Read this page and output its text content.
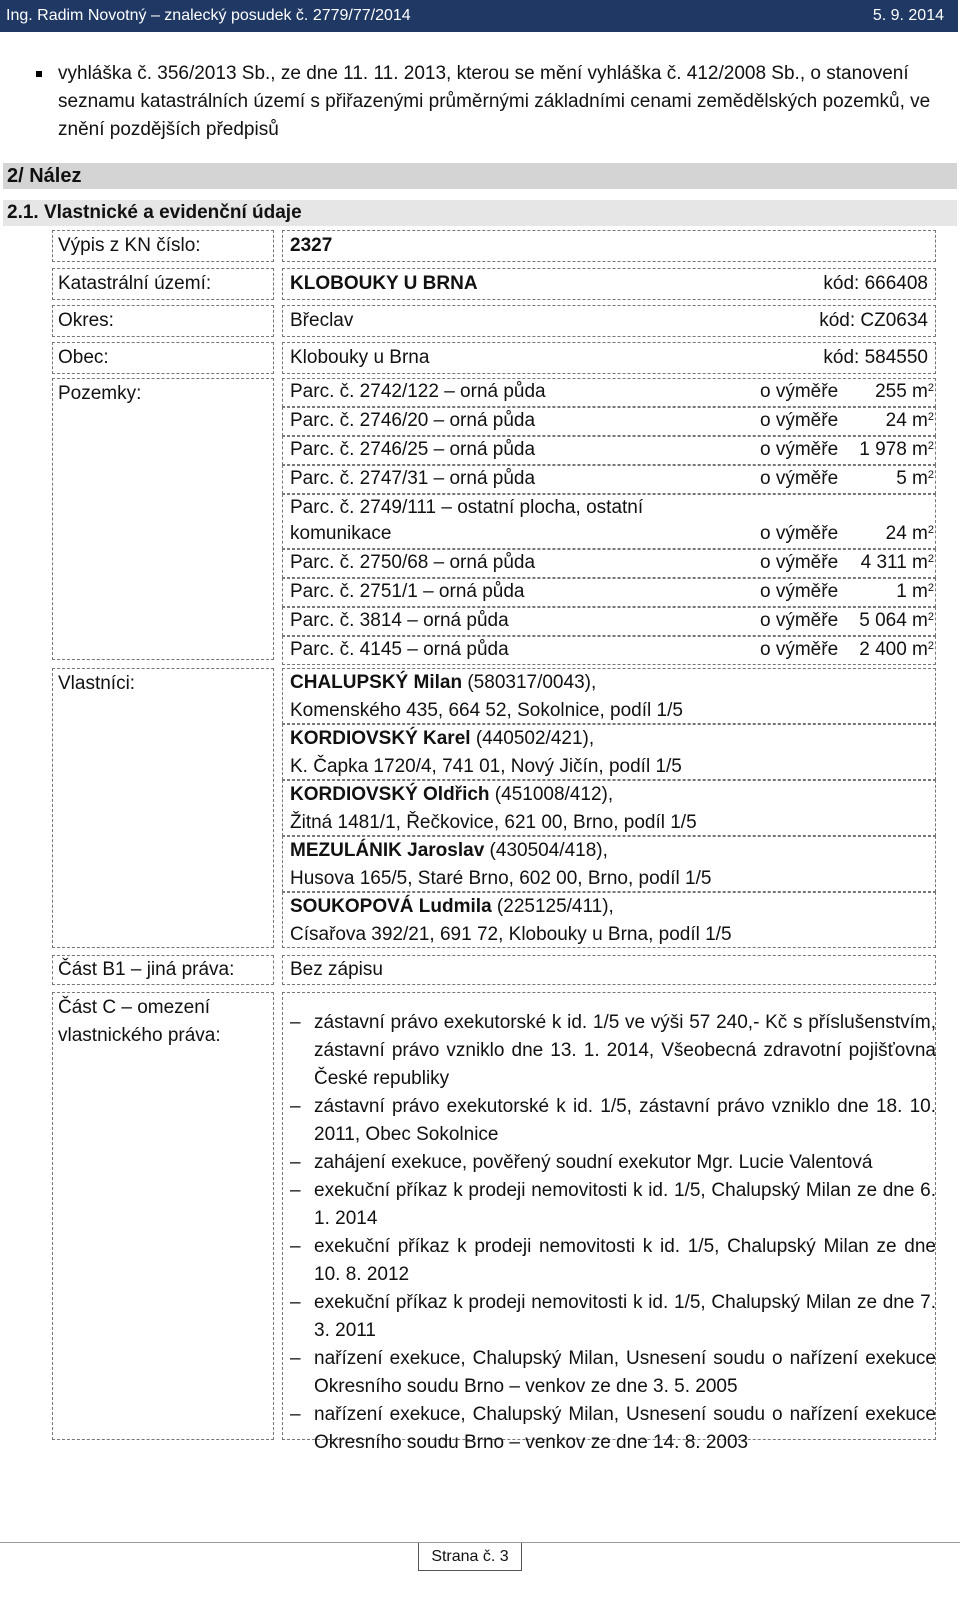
Ing. Radim Novotný – znalecký posudek č. 2779/77/2014	5. 9. 2014
vyhláška č. 356/2013 Sb., ze dne 11. 11. 2013, kterou se mění vyhláška č. 412/2008 Sb., o stanovení seznamu katastrálních území s přiřazenými průměrnými základními cenami zemědělských pozemků, ve znění pozdějších předpisů
2/ Nález
2.1. Vlastnické a evidenční údaje
Výpis z KN číslo:	2327
Katastrální území:	KLOBOUKY U BRNA	kód: 666408
Okres:	Břeclav	kód: CZ0634
Obec:	Klobouky u Brna	kód: 584550
Pozemky:	Parc. č. 2742/122 – orná půda	o výměře 255 $m^2$
Parc. č. 2746/20 – orná půda	o výměře 24 $m^2$
Parc. č. 2746/25 – orná půda	o výměře 1 978 $m^2$
Parc. č. 2747/31 – orná půda	o výměře	5 $m^2$
Parc. č. 2749/111 – ostatní plocha, ostatní
komunikace	o výměře 24 $m^2$
Parc. č. 2750/68 – orná půda	o výměře 4 311 $m^2$
Parc. č. 2751/1 – orná půda	o výměře	1 $m^2$
Parc. č. 3814 – orná půda	o výměře 5 064 $m^2$
Parc. č. 4145 – orná půda	o výměře 2 400 $m^2$
Vlastníci:	CHALUPSKÝ Milan (580317/0043),
Komenského 435, 664 52, Sokolnice, podíl 1/5
KORDIOVSKÝ Karel (440502/421),
K. Čapka 1720/4, 741 01, Nový Jičín, podíl 1/5
KORDIOVSKÝ Oldřich (451008/412),
Žitná 1481/1, Řečkovice, 621 00, Brno, podíl 1/5
MEZULÁNIK Jaroslav (430504/418),
Husova 165/5, Staré Brno, 602 00, Brno, podíl 1/5
SOUKOPOVÁ Ludmila (225125/411),
Císařova 392/21, 691 72, Klobouky u Brna, podíl 1/5
Část B1 – jiná práva:	Bez zápisu
Část C – omezení
vlastnického práva:
– zástavní právo exekutorské k id. 1/5 ve výši 57 240,- Kč s příslušenstvím, zástavní právo vzniklo dne 13. 1. 2014, Všeobecná zdravotní pojišťovna České republiky
– zástavní právo exekutorské k id. 1/5, zástavní právo vzniklo dne 18. 10. 2011, Obec Sokolnice
– zahájení exekuce, pověřený soudní exekutor Mgr. Lucie Valentová
– exekuční příkaz k prodeji nemovitosti k id. 1/5, Chalupský Milan ze dne 6. 1. 2014
– exekuční příkaz k prodeji nemovitosti k id. 1/5, Chalupský Milan ze dne 10. 8. 2012
– exekuční příkaz k prodeji nemovitosti k id. 1/5, Chalupský Milan ze dne 7. 3. 2011
– nařízení exekuce, Chalupský Milan, Usnesení soudu o nařízení exekuce Okresního soudu Brno – venkov ze dne 3. 5. 2005
– nařízení exekuce, Chalupský Milan, Usnesení soudu o nařízení exekuce Okresního soudu Brno – venkov ze dne 14. 8. 2003
Strana č. 3
